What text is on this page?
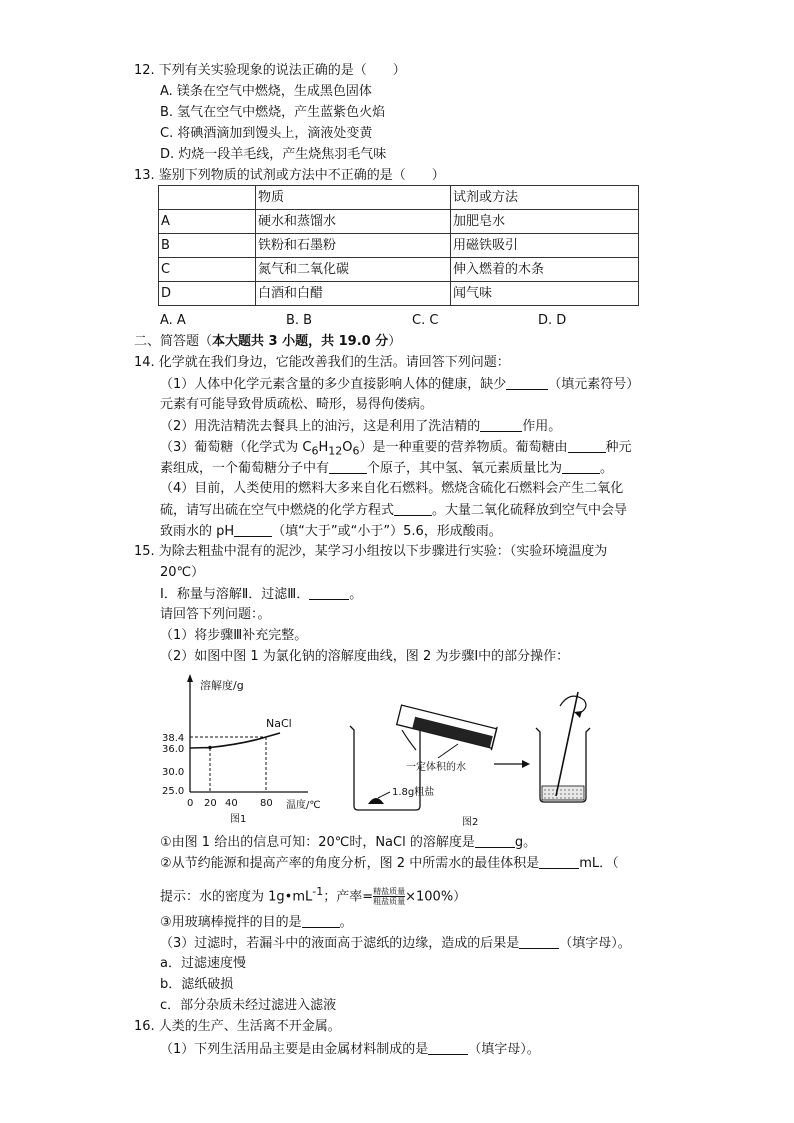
12. 下列有关实验现象的说法正确的是（　　）
A. 镁条在空气中燃烧，生成黑色固体
B. 氢气在空气中燃烧，产生蓝紫色火焰
C. 将碘酒滴加到馒头上，滴液处变黄
D. 灼烧一段羊毛线，产生烧焦羽毛气味
13. 鉴别下列物质的试剂或方法中不正确的是（　　）
	物质	试剂或方法
A	硬水和蒸馏水	加肥皂水
B	铁粉和石墨粉	用磁铁吸引
C	氮气和二氧化碳	伸入燃着的木条
D	白酒和白醋	闻气味
A. A	B. B	C. C	D. D
二、简答题（本大题共 3 小题，共 19.0 分）
14. 化学就在我们身边，它能改善我们的生活。请回答下列问题：
（1）人体中化学元素含量的多少直接影响人体的健康，缺少	（填元素符号）
元素有可能导致骨质疏松、畸形，易得佝偻病。
（2）用洗洁精洗去餐具上的油污，这是利用了洗洁精的	作用。
（3）葡萄糖（化学式为 $C_6H_{12}O_6$）是一种重要的营养物质。葡萄糖由	种元
素组成，一个葡萄糖分子中有	个原子，其中氢、氧元素质量比为	。
（4）目前，人类使用的燃料大多来自化石燃料。燃烧含硫化石燃料会产生二氧化
硫，请写出硫在空气中燃烧的化学方程式	。大量二氧化硫释放到空气中会导
致雨水的 pH	（填“大于”或“小于”）5.6，形成酸雨。
15. 为除去粗盐中混有的泥沙，某学习小组按以下步骤进行实验：（实验环境温度为
20℃）
Ⅰ．称量与溶解Ⅱ．过滤Ⅲ．	。
请回答下列问题：。
（1）将步骤Ⅲ补充完整。
（2）如图中图 1 为氯化钠的溶解度曲线，图 2 为步骤Ⅰ中的部分操作：
溶解度/g
38.4
36.0
30.0
25.0
NaCl
0 20 40 80 温度/℃
图1
一定体积的水
1.8g粗盐
图2
①由图 1 给出的信息可知：20℃时，NaCl 的溶解度是	g。
②从节约能源和提高产率的角度分析，图 2 中所需水的最佳体积是	mL．（
提示：水的密度为 $1g•mL^{-1}$；产率= $\frac{\text{精盐质量}}{\text{粗盐质量}} \times 100\%$）
③用玻璃棒搅拌的目的是	。
（3）过滤时，若漏斗中的液面高于滤纸的边缘，造成的后果是	（填字母）。
a．过滤速度慢
b．滤纸破损
c．部分杂质未经过滤进入滤液
16. 人类的生产、生活离不开金属。
（1）下列生活用品主要是由金属材料制成的是	（填字母）。
